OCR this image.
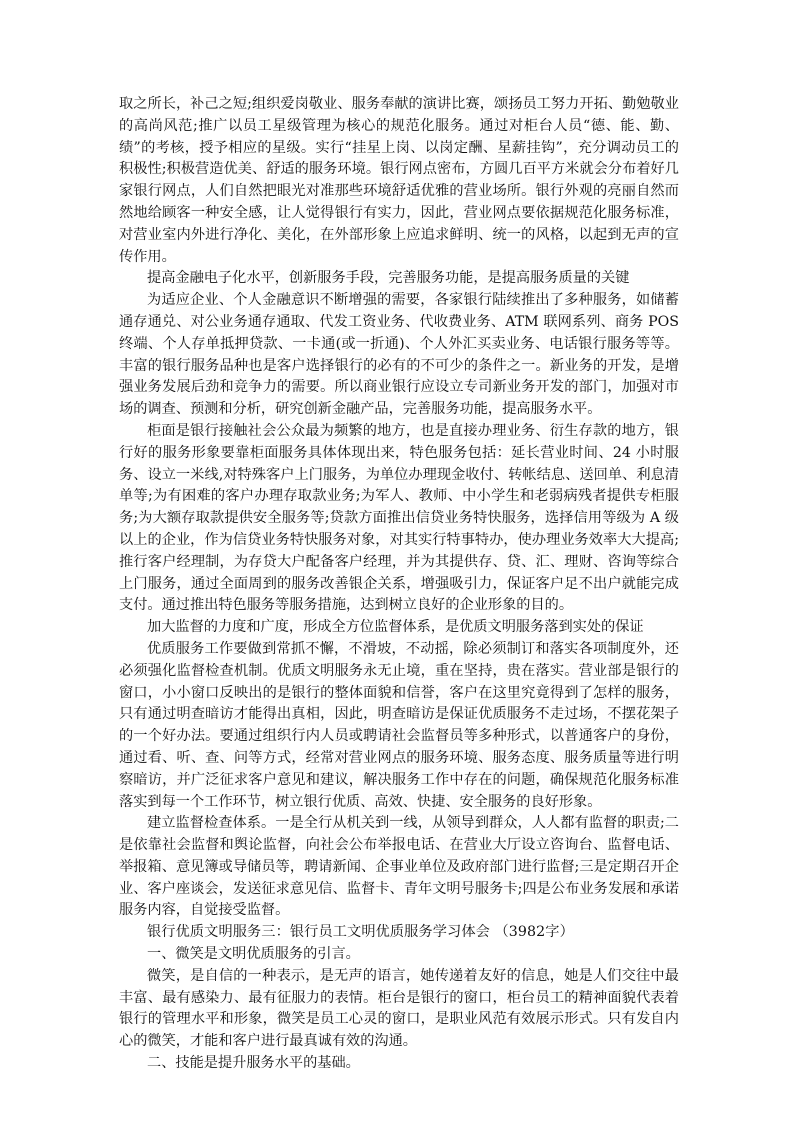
取之所长，补己之短;组织爱岗敬业、服务奉献的演讲比赛，颂扬员工努力开拓、勤勉敬业的高尚风范;推广以员工星级管理为核心的规范化服务。通过对柜台人员“德、能、勤、绩”的考核，授予相应的星级。实行“挂星上岗、以岗定酬、星薪挂钩”，充分调动员工的积极性;积极营造优美、舒适的服务环境。银行网点密布，方圆几百平方米就会分布着好几家银行网点，人们自然把眼光对准那些环境舒适优雅的营业场所。银行外观的亮丽自然而然地给顾客一种安全感，让人觉得银行有实力，因此，营业网点要依据规范化服务标准，对营业室内外进行净化、美化，在外部形象上应追求鲜明、统一的风格，以起到无声的宣传作用。

提高金融电子化水平，创新服务手段，完善服务功能，是提高服务质量的关键

为适应企业、个人金融意识不断增强的需要，各家银行陆续推出了多种服务，如储蓄通存通兑、对公业务通存通取、代发工资业务、代收费业务、ATM 联网系列、商务 POS 终端、个人存单抵押贷款、一卡通(或一折通)、个人外汇买卖业务、电话银行服务等等。丰富的银行服务品种也是客户选择银行的必有的不可少的条件之一。新业务的开发，是增强业务发展后劲和竞争力的需要。所以商业银行应设立专司新业务开发的部门，加强对市场的调查、预测和分析，研究创新金融产品，完善服务功能，提高服务水平。

柜面是银行接触社会公众最为频繁的地方，也是直接办理业务、衍生存款的地方，银行好的服务形象要靠柜面服务具体体现出来，特色服务包括：延长营业时间、24 小时服务、设立一米线,对特殊客户上门服务，为单位办理现金收付、转帐结息、送回单、利息清单等;为有困难的客户办理存取款业务;为军人、教师、中小学生和老弱病残者提供专柜服务;为大额存取款提供安全服务等;贷款方面推出信贷业务特快服务，选择信用等级为 A 级以上的企业，作为信贷业务特快服务对象，对其实行特事特办，使办理业务效率大大提高;推行客户经理制，为存贷大户配备客户经理，并为其提供存、贷、汇、理财、咨询等综合上门服务，通过全面周到的服务改善银企关系，增强吸引力，保证客户足不出户就能完成支付。通过推出特色服务等服务措施，达到树立良好的企业形象的目的。

加大监督的力度和广度，形成全方位监督体系，是优质文明服务落到实处的保证

优质服务工作要做到常抓不懈，不滑坡，不动摇，除必须制订和落实各项制度外，还必须强化监督检查机制。优质文明服务永无止境，重在坚持，贵在落实。营业部是银行的窗口，小小窗口反映出的是银行的整体面貌和信誉，客户在这里究竟得到了怎样的服务，只有通过明查暗访才能得出真相，因此，明查暗访是保证优质服务不走过场，不摆花架子的一个好办法。要通过组织行内人员或聘请社会监督员等多种形式，以普通客户的身份，通过看、听、查、问等方式，经常对营业网点的服务环境、服务态度、服务质量等进行明察暗访，并广泛征求客户意见和建议，解决服务工作中存在的问题，确保规范化服务标准落实到每一个工作环节，树立银行优质、高效、快捷、安全服务的良好形象。

建立监督检查体系。一是全行从机关到一线，从领导到群众，人人都有监督的职责;二是依靠社会监督和舆论监督，向社会公布举报电话、在营业大厅设立咨询台、监督电话、举报箱、意见簿或导储员等，聘请新闻、企事业单位及政府部门进行监督;三是定期召开企业、客户座谈会，发送征求意见信、监督卡、青年文明号服务卡;四是公布业务发展和承诺服务内容，自觉接受监督。

银行优质文明服务三：银行员工文明优质服务学习体会 （3982字）

一、微笑是文明优质服务的引言。

微笑，是自信的一种表示，是无声的语言，她传递着友好的信息，她是人们交往中最丰富、最有感染力、最有征服力的表情。柜台是银行的窗口，柜台员工的精神面貌代表着银行的管理水平和形象，微笑是员工心灵的窗口，是职业风范有效展示形式。只有发自内心的微笑，才能和客户进行最真诚有效的沟通。

二、技能是提升服务水平的基础。
